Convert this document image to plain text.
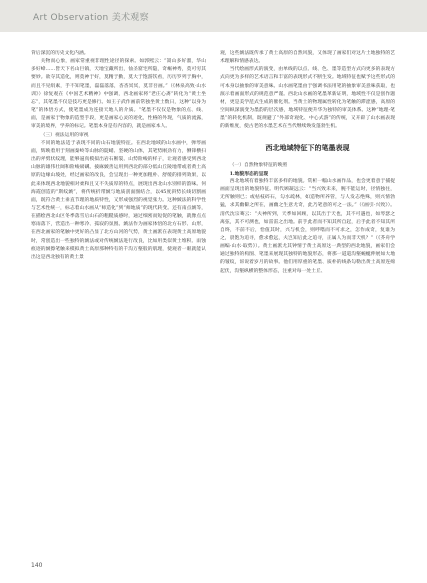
Art Observation 美术观察

背后深沉的历史文化内涵。

关物而心象，画家常重视非理性途径的探索。如郭熙云：“嵩山多好溜，华山多好峰……皆天下名山巨镇，天地宝藏所出，仙圣窟宅所隐，奇崛神秀，莫可穷其要妙。欲夺其造化，则莫神于好，莫精于勤，莫大于饱游饫看，历历罗列于胸中，而且不见绢素，手不知笔墨，磊磊落落，杳杳冥冥，莫非吾画。”（《林泉高致·山水训》）徐复观在《中国艺术精神》中强调，西北画家将“老庄心斋”转化为“黄土坐忘”，其笔墨不仅是技巧更是修行。如王子武作画前常独坐黄土数日，这种“以身为笔”的体悟方式，使笔墨成为连接天地人的介质。“笔墨不仅仅是物象的点、线、面，是画家于物象的造型手段，更是画家心灵的迹化，性格的外现，气质的流露，审美的境界，学养的标记。笔墨本身是有内容的，就是画家本人。

（三）视法运用的审视

不同的地法适于表现不同的山石地貌特征。在西北地域的山水画中，弹琴画面，辉映着用于刻画秦岭等山脉的陡峭、坚硬的山体，其笔势刚劲有力，侧锋横扫出的斧劈状纹理，能够逼真模拟出岩石断裂、山势险峻的样子，让观者感受到西北山脉的雄伟壮阔和险峻磅礴。披麻皴善运用到西北的部分低山丘陵地带或者黄土高原的边缘山坡处，经过画家的改良，会呈现出一种更加粗朴、舒缓的排列效果，以此来体现西北地貌相对柔和且又不失质厚的特点，展现出西北山水别样的韵味。何海霞创造的“斯纹皴”，将传统折带皴与地质剖面图结合，以45度斜势长线切割画面，既符合黄土垂直节理的地质特性，又形成强烈的视觉张力。这种皴法的科学性与艺术性统一，标志着山水画从“师造化”到“师地质”的现代转变。还有南点皴等，在描绘西北山区冬季落雪后山石的粗糙质感时，通过细密而短促的笔触，就像点点寒雨落下，营造出一种寒冷、孤寂的氛围。皴法作为画家体悟的北方石形、山形，在西北画家的笔触中更好的凸显了北方山河的气势，黄土画派在表现黄土高原地貌时，常创造出一些独特的皴法或对传统皴法进行改良，比如用类似黄土堆积、雨蚀痕迹的皴擦笔触来模拟黄土高原那种特有的千沟万壑般的肌理，使观者一眼就能认出这是西北独有的黄土景

观，这些皴法既传承了黄土高原的自然风貌，又体现了画家们对这片土地独特的艺术理解和情感表达。

当代绘画形式的演变，由单线的以点、线、色、墨等造型方式向更多的表现方式向更为多样的艺术语言和丰富的表现形式不断生发。地域特征也赋予这些形式的可本身以抽象的审美意味。山水画笔墨由于强调书法用笔的抽象审美意味获取，也演示着画面形式的规范意严谨。西北山水画的笔墨革新证明，地域性不仅是创作题材，更是美学范式生成的催化剂。当黄土的物理属性转化为笔触的滞涩感，高原的空间纵深演变为墨韵的层次感，地域特征便升华为独特的审美体系。这种“地理-笔墨”的转化机制，既规避了“外部奇观化、中心式游”的传统，又开辟了山水画表现的新维度，使古老的水墨艺术在当代继续焕发蓬勃生机。

西北地域特征下的笔墨表现

（一）自然物象特征的映照

1.地貌形态的呈现

西北地域有着独特丰富多样的地貌。赏析一幅山水画作品，也会更着意于捕捉画面呈现出的地貌特征。明代顾凝远云：“当兴致未来，腕不能运时，径情独往，无所触则已；或枯枝碎石，勾水疏林，如造物所养管，与人发志绝殊，则兴情勃猛，求其幽僻之所在，画幽之生意尤奇，此乃笔意的可之一法。”（《画引·兴致》）。清代沈宗骞云：“夫神所到，天季如回顾，以其出于天也，其不可遇也，如琴瑟之离弦，其不可测也，如雷雷之出地。前手此者而不知其所自起，后手此者不知其所自终，不前不后，恰值其时，兴与机会，则呼嗜而不可求之，怎作成奇，复谁为之，晨饱为追寻，愈求愈远，夫岂知后此之追寻，正属人为而非天机？”（《芥舟学画编·山水·取势》）。黄土画派尤其钟情于黄土高原这一典型的西北地貌，画家们会通过独特的构图、笔墨来展现其独特的地貌形态，将那一道道沟壑蜿蜒伸展如大地的皱纹，诉说着岁月的故事。他们用厚重的笔墨、质朴的线条勾勒出黄土高原连绵起伏，沟壑纵横的整体形态，注重对每一处土丘、

140
